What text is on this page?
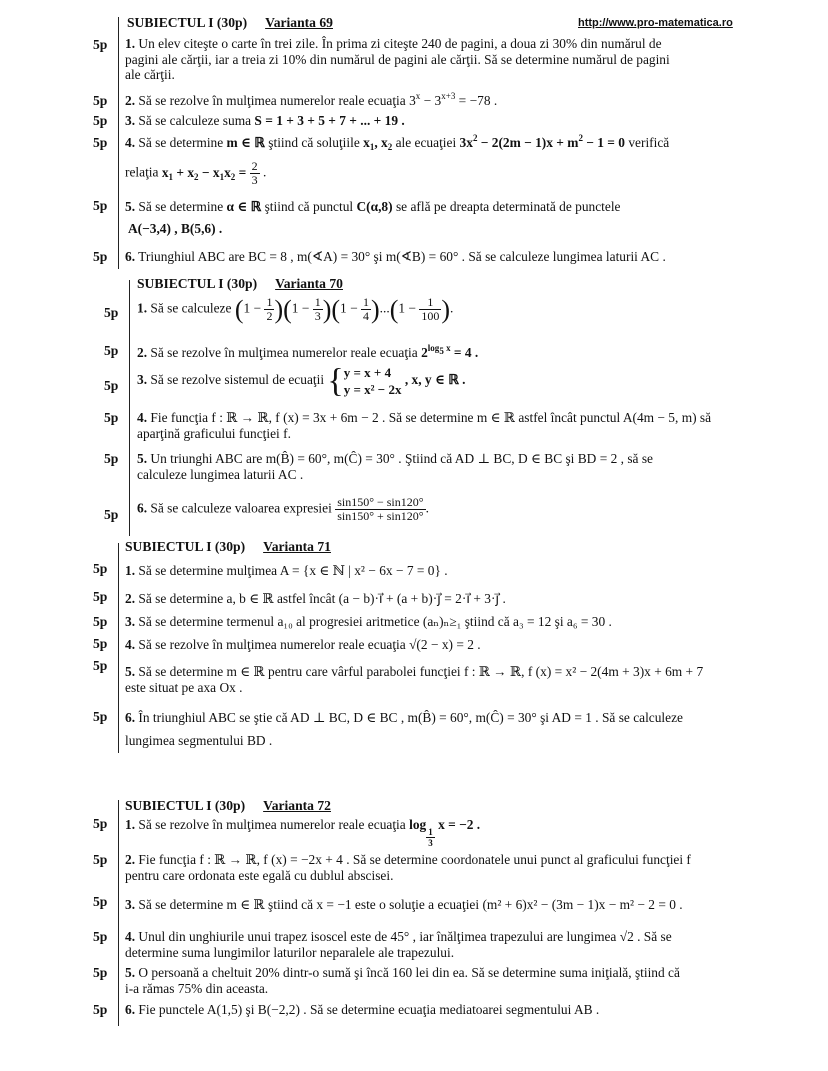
SUBIECTUL I (30p) Varianta 69	http://www.pro-matematica.ro
5p	1. Un elev citeşte o carte în trei zile. În prima zi citeşte 240 de pagini, a doua zi 30% din numărul de
pagini ale cărţii, iar a treia zi 10% din numărul de pagini ale cărţii. Să se determine numărul de pagini
ale cărţii.
5p	2. Să se rezolve în mulţimea numerelor reale ecuaţia $3^x - 3^{x+3} = -78$ .
5p	3. Să se calculeze suma S = 1 + 3 + 5 + 7 + ... + 19 .
5p	4. Să se determine m ∈ ℝ ştiind că soluţiile $x_1$, $x_2$ ale ecuaţiei $3x^2 - 2(2m - 1)x + m^2 - 1 = 0$ verifică
relaţia $x_1 + x_2 - x_1x_2 = \frac{2}{3}$ .
5p	5. Să se determine α ∈ ℝ ştiind că punctul C(α,8) se află pe dreapta determinată de punctele
A(−3,4) , B(5,6) .
5p	6. Triunghiul ABC are BC = 8 , m(∢A) = 30° şi m(∢B) = 60° . Să se calculeze lungimea laturii AC .
SUBIECTUL I (30p) Varianta 70
5p	1. Să se calculeze $(1 - \frac{1}{2} )(1 - \frac{1}{3} )(1 - \frac{1}{4} )...(1 - \frac{1}{100}$ ).
5p	2. Să se rezolve în mulţimea numerelor reale ecuaţia $2^{log_5 x} = 4$ .
5p	3. Să se rezolve sistemul de ecuaţii {y = x + 4
y = x² − 2x , x, y ∈ ℝ .
5p	4. Fie funcţia f : ℝ → ℝ, f (x) = 3x + 6m − 2 . Să se determine m ∈ ℝ astfel încât punctul A(4m − 5, m) să
aparţină graficului funcţiei f.
5p	5. Un triunghi ABC are m(B̂) = 60°, m(Ĉ) = 30° . Ştiind că AD ⊥ BC, D ∈ BC şi BD = 2 , să se
calculeze lungimea laturii AC .
5p	6. Să se calculeze valoarea expresiei $\frac{\sin 150^\circ - \sin 120^\circ}{\sin 150^\circ + \sin 120^\circ}$ .
SUBIECTUL I (30p) Varianta 71
5p	1. Să se determine mulţimea A = {x ∈ ℕ | x² − 6x − 7 = 0} .
5p	2. Să se determine a, b ∈ ℝ astfel încât (a − b)·i⃗ + (a + b)·j⃗ = 2·i⃗ + 3·j⃗ .
5p	3. Să se determine termenul a₁₀ al progresiei aritmetice (aₙ)ₙ≥₁ ştiind că a₃ = 12 şi a₆ = 30 .
5p	4. Să se rezolve în mulţimea numerelor reale ecuaţia √(2 − x) = 2 .
5p	5. Să se determine m ∈ ℝ pentru care vârful parabolei funcţiei f : ℝ → ℝ, f (x) = x² − 2(4m + 3)x + 6m + 7
este situat pe axa Ox .
5p	6. În triunghiul ABC se ştie că AD ⊥ BC, D ∈ BC , m(B̂) = 60°, m(Ĉ) = 30° şi AD = 1 . Să se calculeze
lungimea segmentului BD .
SUBIECTUL I (30p) Varianta 72
5p	1. Să se rezolve în mulţimea numerelor reale ecuaţia log
$_{\frac{1}{3}}$
x = −2 .
5p	2. Fie funcţia f : ℝ → ℝ, f (x) = −2x + 4 . Să se determine coordonatele unui punct al graficului funcţiei f
pentru care ordonata este egală cu dublul abscisei.
5p	3. Să se determine m ∈ ℝ ştiind că x = −1 este o soluţie a ecuaţiei (m² + 6)x² − (3m − 1)x − m² − 2 = 0 .
5p	4. Unul din unghiurile unui trapez isoscel este de 45° , iar înălţimea trapezului are lungimea √2 . Să se
determine suma lungimilor laturilor neparalele ale trapezului.
5p	5. O persoană a cheltuit 20% dintr-o sumă şi încă 160 lei din ea. Să se determine suma iniţială, ştiind că
i-a rămas 75% din aceasta.
5p	6. Fie punctele A(1,5) şi B(−2,2) . Să se determine ecuaţia mediatoarei segmentului AB .
